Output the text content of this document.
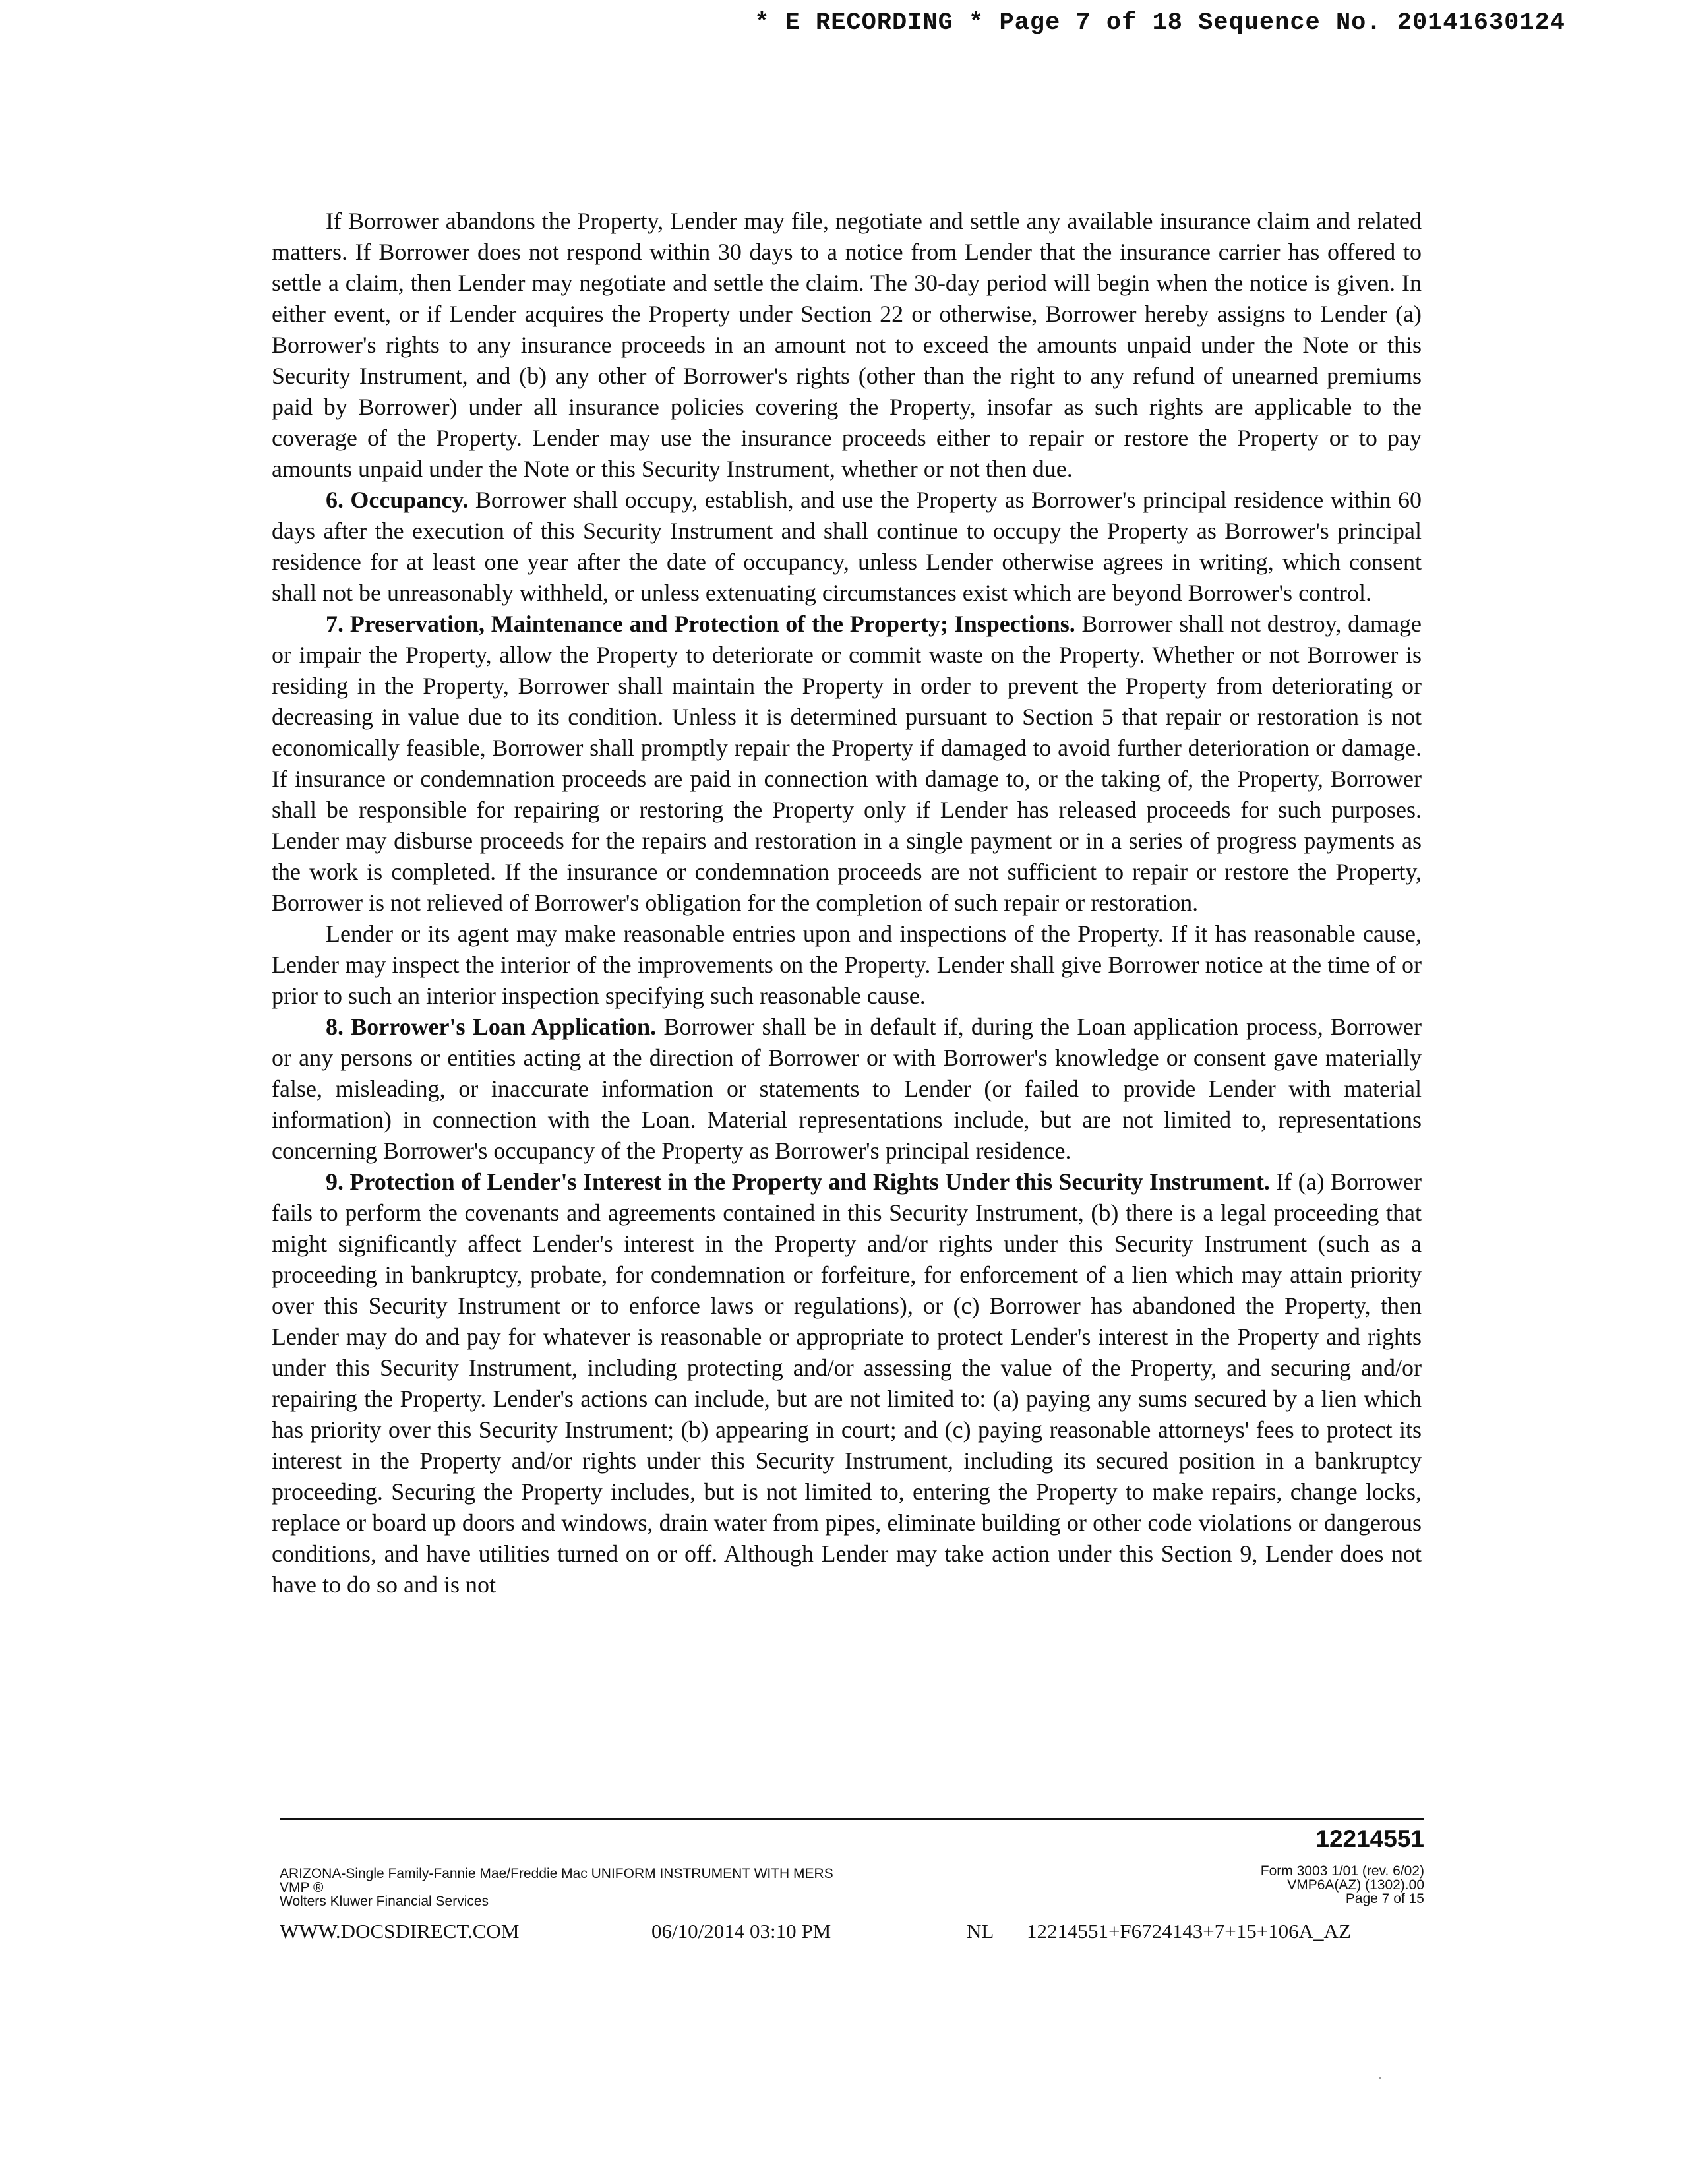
* E RECORDING * Page 7 of 18 Sequence No. 20141630124

If Borrower abandons the Property, Lender may file, negotiate and settle any available insurance claim and related matters. If Borrower does not respond within 30 days to a notice from Lender that the insurance carrier has offered to settle a claim, then Lender may negotiate and settle the claim. The 30-day period will begin when the notice is given. In either event, or if Lender acquires the Property under Section 22 or otherwise, Borrower hereby assigns to Lender (a) Borrower's rights to any insurance proceeds in an amount not to exceed the amounts unpaid under the Note or this Security Instrument, and (b) any other of Borrower's rights (other than the right to any refund of unearned premiums paid by Borrower) under all insurance policies covering the Property, insofar as such rights are applicable to the coverage of the Property. Lender may use the insurance proceeds either to repair or restore the Property or to pay amounts unpaid under the Note or this Security Instrument, whether or not then due.

6. Occupancy. Borrower shall occupy, establish, and use the Property as Borrower's principal residence within 60 days after the execution of this Security Instrument and shall continue to occupy the Property as Borrower's principal residence for at least one year after the date of occupancy, unless Lender otherwise agrees in writing, which consent shall not be unreasonably withheld, or unless extenuating circumstances exist which are beyond Borrower's control.

7. Preservation, Maintenance and Protection of the Property; Inspections. Borrower shall not destroy, damage or impair the Property, allow the Property to deteriorate or commit waste on the Property. Whether or not Borrower is residing in the Property, Borrower shall maintain the Property in order to prevent the Property from deteriorating or decreasing in value due to its condition. Unless it is determined pursuant to Section 5 that repair or restoration is not economically feasible, Borrower shall promptly repair the Property if damaged to avoid further deterioration or damage. If insurance or condemnation proceeds are paid in connection with damage to, or the taking of, the Property, Borrower shall be responsible for repairing or restoring the Property only if Lender has released proceeds for such purposes. Lender may disburse proceeds for the repairs and restoration in a single payment or in a series of progress payments as the work is completed. If the insurance or condemnation proceeds are not sufficient to repair or restore the Property, Borrower is not relieved of Borrower's obligation for the completion of such repair or restoration.

Lender or its agent may make reasonable entries upon and inspections of the Property. If it has reasonable cause, Lender may inspect the interior of the improvements on the Property. Lender shall give Borrower notice at the time of or prior to such an interior inspection specifying such reasonable cause.

8. Borrower's Loan Application. Borrower shall be in default if, during the Loan application process, Borrower or any persons or entities acting at the direction of Borrower or with Borrower's knowledge or consent gave materially false, misleading, or inaccurate information or statements to Lender (or failed to provide Lender with material information) in connection with the Loan. Material representations include, but are not limited to, representations concerning Borrower's occupancy of the Property as Borrower's principal residence.

9. Protection of Lender's Interest in the Property and Rights Under this Security Instrument. If (a) Borrower fails to perform the covenants and agreements contained in this Security Instrument, (b) there is a legal proceeding that might significantly affect Lender's interest in the Property and/or rights under this Security Instrument (such as a proceeding in bankruptcy, probate, for condemnation or forfeiture, for enforcement of a lien which may attain priority over this Security Instrument or to enforce laws or regulations), or (c) Borrower has abandoned the Property, then Lender may do and pay for whatever is reasonable or appropriate to protect Lender's interest in the Property and rights under this Security Instrument, including protecting and/or assessing the value of the Property, and securing and/or repairing the Property. Lender's actions can include, but are not limited to: (a) paying any sums secured by a lien which has priority over this Security Instrument; (b) appearing in court; and (c) paying reasonable attorneys' fees to protect its interest in the Property and/or rights under this Security Instrument, including its secured position in a bankruptcy proceeding. Securing the Property includes, but is not limited to, entering the Property to make repairs, change locks, replace or board up doors and windows, drain water from pipes, eliminate building or other code violations or dangerous conditions, and have utilities turned on or off. Although Lender may take action under this Section 9, Lender does not have to do so and is not

12214551
ARIZONA-Single Family-Fannie Mae/Freddie Mac UNIFORM INSTRUMENT WITH MERS
VMP ®
Wolters Kluwer Financial Services
Form 3003 1/01 (rev. 6/02)
VMP6A(AZ) (1302).00
Page 7 of 15
WWW.DOCSDIRECT.COM	06/10/2014 03:10 PM	NL 12214551+F6724143+7+15+106A_AZ
